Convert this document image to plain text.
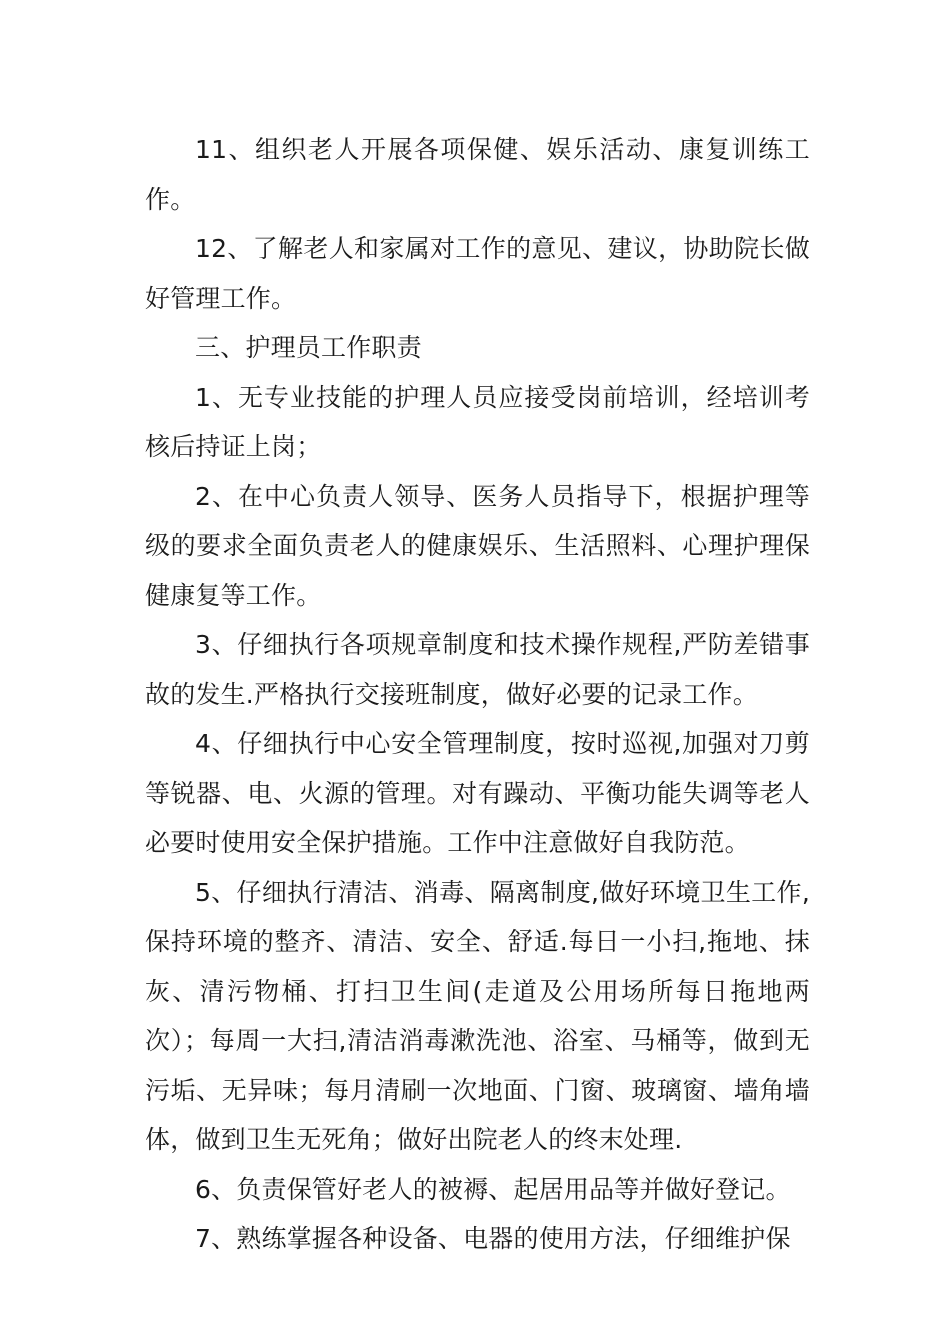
11、组织老人开展各项保健、娱乐活动、康复训练工作。

12、了解老人和家属对工作的意见、建议，协助院长做好管理工作。

三、护理员工作职责

1、无专业技能的护理人员应接受岗前培训，经培训考核后持证上岗；

2、在中心负责人领导、医务人员指导下，根据护理等级的要求全面负责老人的健康娱乐、生活照料、心理护理保健康复等工作。

3、仔细执行各项规章制度和技术操作规程,严防差错事故的发生.严格执行交接班制度，做好必要的记录工作。

4、仔细执行中心安全管理制度，按时巡视,加强对刀剪等锐器、电、火源的管理。对有躁动、平衡功能失调等老人必要时使用安全保护措施。工作中注意做好自我防范。

5、仔细执行清洁、消毒、隔离制度,做好环境卫生工作,保持环境的整齐、清洁、安全、舒适.每日一小扫,拖地、抹灰、清污物桶、打扫卫生间(走道及公用场所每日拖地两次）；每周一大扫,清洁消毒漱洗池、浴室、马桶等，做到无污垢、无异味；每月清刷一次地面、门窗、玻璃窗、墙角墙体，做到卫生无死角；做好出院老人的终末处理.

6、负责保管好老人的被褥、起居用品等并做好登记。

7、熟练掌握各种设备、电器的使用方法，仔细维护保
